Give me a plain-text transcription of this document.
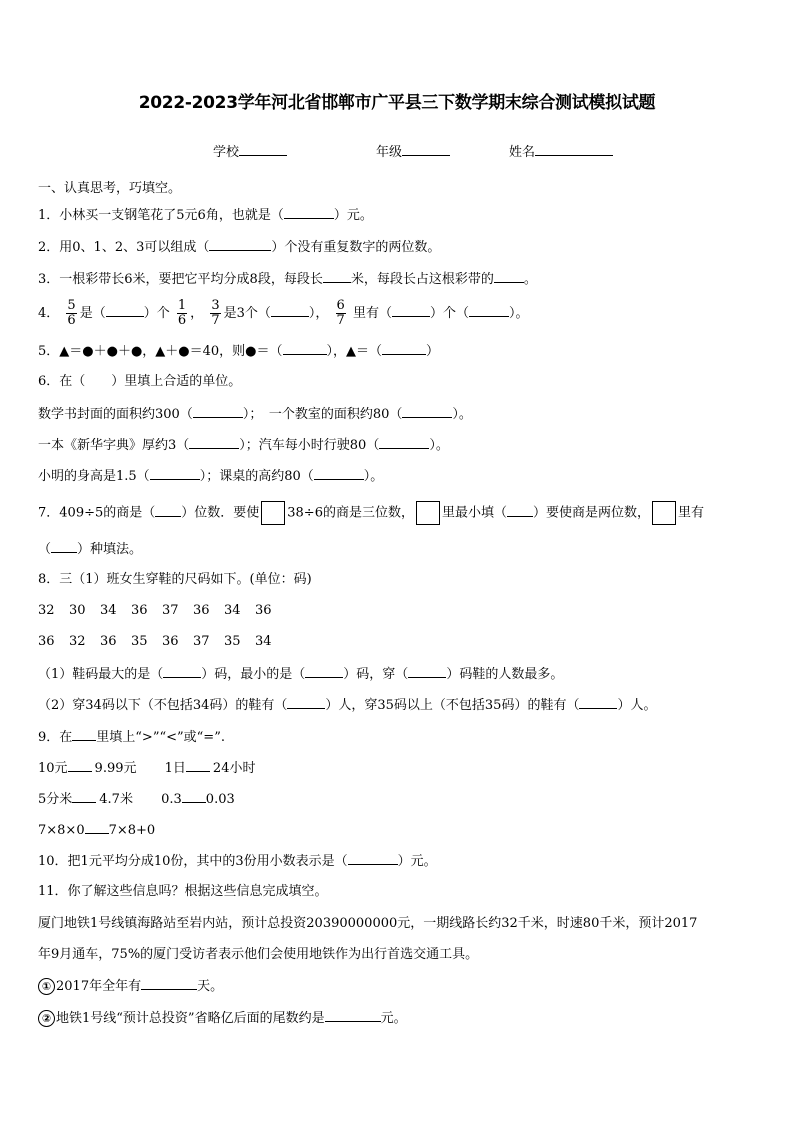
2022-2023学年河北省邯郸市广平县三下数学期末综合测试模拟试题
学校	年级	姓名
一、认真思考，巧填空。
1．小林买一支钢笔花了5元6角，也就是（	）元。
2．用0、1、2、3可以组成（	）个没有重复数字的两位数。
3．一根彩带长6米，要把它平均分成8段，每段长 米，每段长占这根彩带的 。
4． $\frac{5}{6}$ 是（	）个 $\frac{1}{6}$ ， $\frac{3}{7}$ 是3个（	）， $\frac{6}{7}$ 里有（	）个（	）。
5．▲＝●＋●＋●，▲＋●＝40，则●＝（	），▲＝（	）
6．在（　　）里填上合适的单位。
数学书封面的面积约300（	）；　一个教室的面积约80（	）。
一本《新华字典》厚约3（	）；汽车每小时行驶80（	）。
小明的身高是1.5（	）；课桌的高约80（	）。
7．409÷5的商是（ ）位数．要使 38÷6的商是三位数， 里最小填（ ）要使商是两位数， 里有
（ ）种填法。
8．三（1）班女生穿鞋的尺码如下。(单位：码)
32 30 34 36 37 36 34 36
36 32 36 35 36 37 35 34
（1）鞋码最大的是（	）码，最小的是（	）码，穿（	）码鞋的人数最多。
（2）穿34码以下（不包括34码）的鞋有（	）人，穿35码以上（不包括35码）的鞋有（	）人。
9．在 里填上“>”“<”或“=”.
10元 9.99元 1日 24小时
5分米 4.7米 0.3 0.03
7×8×0 7×8+0
10．把1元平均分成10份，其中的3份用小数表示是（	）元。
11．你了解这些信息吗？根据这些信息完成填空。
厦门地铁1号线镇海路站至岩内站，预计总投资20390000000元，一期线路长约32千米，时速80千米，预计2017
年9月通车，75%的厦门受访者表示他们会使用地铁作为出行首选交通工具。
① 2017年全年有	天。
② 地铁1号线“预计总投资”省略亿后面的尾数约是	元。
